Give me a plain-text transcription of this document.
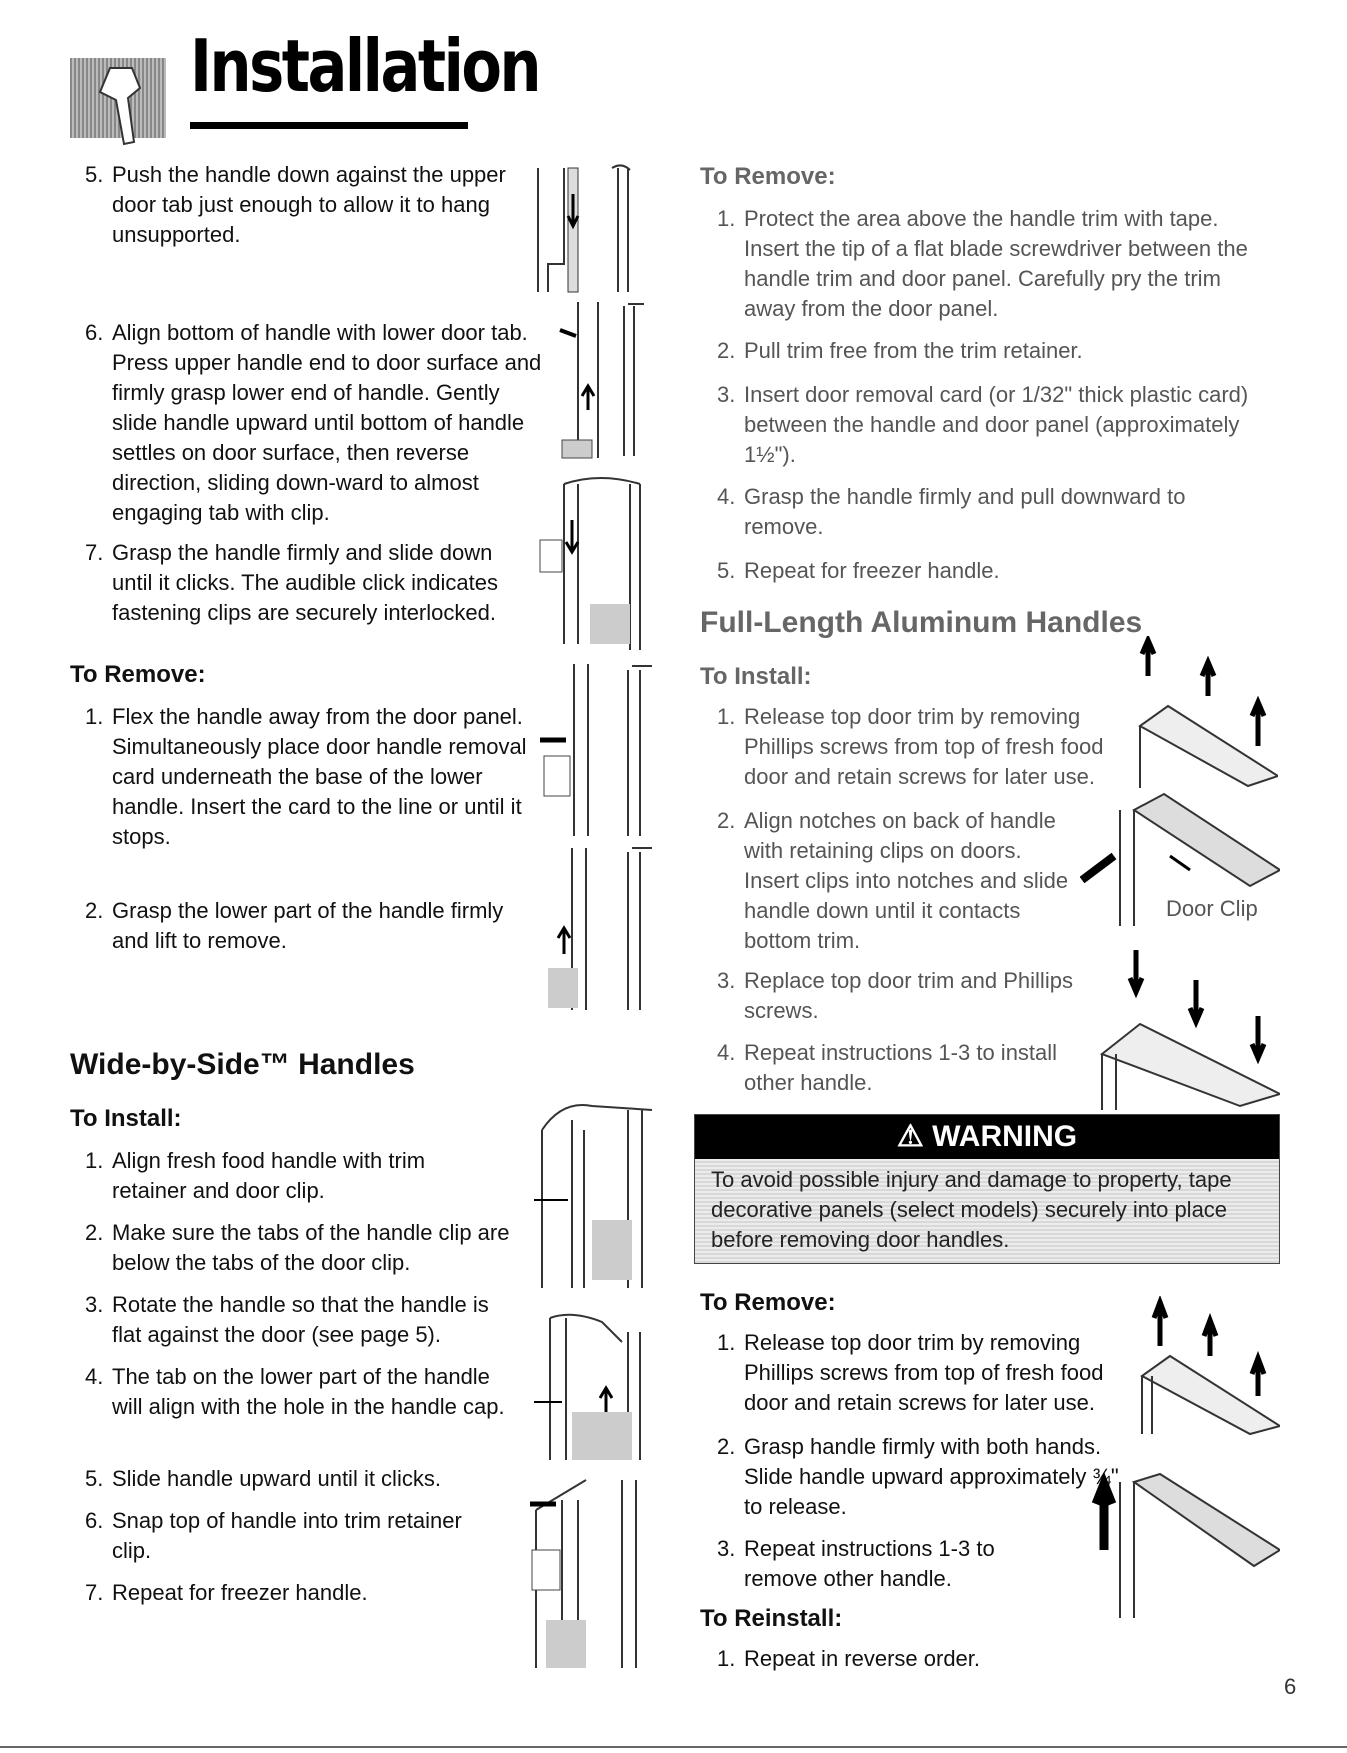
Installation
5. Push the handle down against the upper door tab just enough to allow it to hang unsupported.
6. Align bottom of handle with lower door tab. Press upper handle end to door surface and firmly grasp lower end of handle. Gently slide handle upward until bottom of handle settles on door surface, then reverse direction, sliding down-ward to almost engaging tab with clip.
7. Grasp the handle firmly and slide down until it clicks. The audible click indicates fastening clips are securely interlocked.
To Remove:
1. Flex the handle away from the door panel. Simultaneously place door handle removal card underneath the base of the lower handle. Insert the card to the line or until it stops.
2. Grasp the lower part of the handle firmly and lift to remove.
Wide-by-Side™ Handles
To Install:
1. Align fresh food handle with trim retainer and door clip.
2. Make sure the tabs of the handle clip are below the tabs of the door clip.
3. Rotate the handle so that the handle is flat against the door (see page 5).
4. The tab on the lower part of the handle will align with the hole in the handle cap.
5. Slide handle upward until it clicks.
6. Snap top of handle into trim retainer clip.
7. Repeat for freezer handle.
To Remove:
1. Protect the area above the handle trim with tape. Insert the tip of a flat blade screwdriver between the handle trim and door panel. Carefully pry the trim away from the door panel.
2. Pull trim free from the trim retainer.
3. Insert door removal card (or 1/32" thick plastic card) between the handle and door panel (approximately 1½").
4. Grasp the handle firmly and pull downward to remove.
5. Repeat for freezer handle.
Full-Length Aluminum Handles
To Install:
1. Release top door trim by removing Phillips screws from top of fresh food door and retain screws for later use.
2. Align notches on back of handle with retaining clips on doors. Insert clips into notches and slide handle down until it contacts bottom trim.
3. Replace top door trim and Phillips screws.
4. Repeat instructions 1-3 to install other handle.
Door Clip
⚠ WARNING
To avoid possible injury and damage to property, tape decorative panels (select models) securely into place before removing door handles.
To Remove:
1. Release top door trim by removing Phillips screws from top of fresh food door and retain screws for later use.
2. Grasp handle firmly with both hands. Slide handle upward approximately ¾" to release.
3. Repeat instructions 1-3 to remove other handle.
To Reinstall:
1. Repeat in reverse order.
6
